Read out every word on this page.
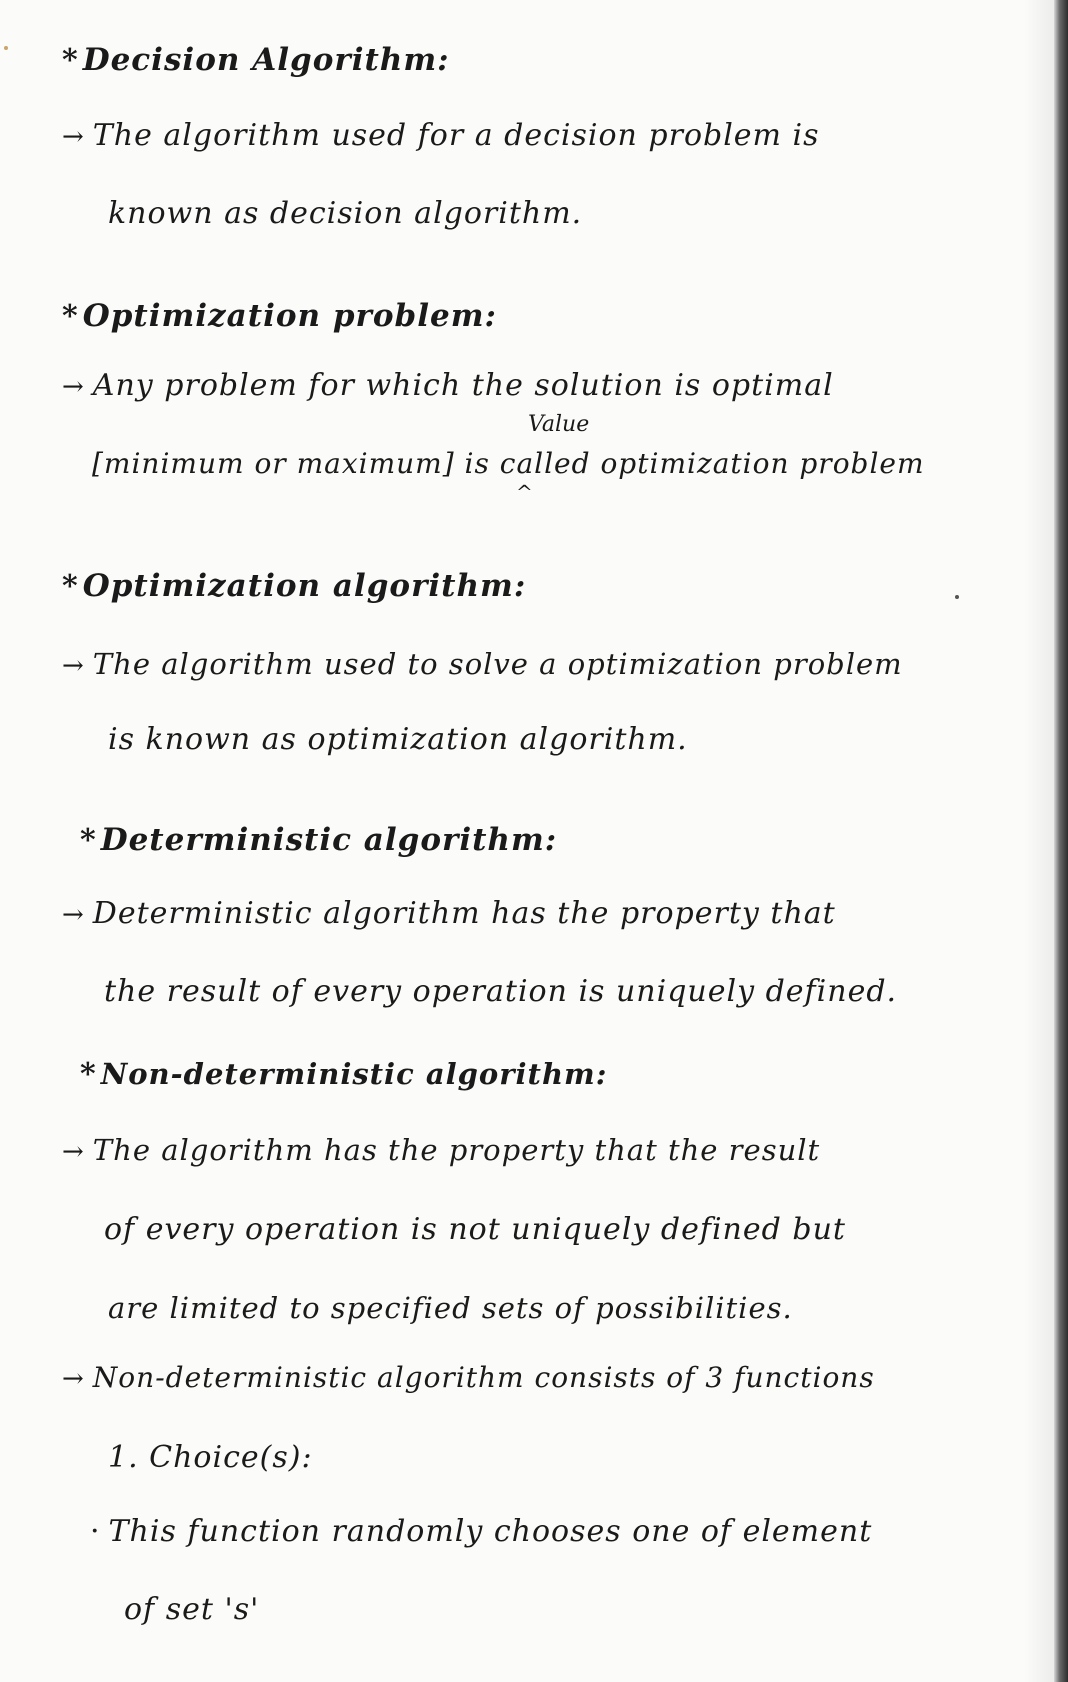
* Decision Algorithm:
→ The algorithm used for a decision problem is
known as decision algorithm.
* Optimization problem:
→ Any problem for which the solution is optimal
Value
[minimum or maximum] is called optimization problem
^
* Optimization algorithm:
→ The algorithm used to solve a optimization problem
is known as optimization algorithm.
* Deterministic algorithm:
→ Deterministic algorithm has the property that
the result of every operation is uniquely defined.
* Non-deterministic algorithm:
→ The algorithm has the property that the result
of every operation is not uniquely defined but
are limited to specified sets of possibilities.
→ Non-deterministic algorithm consists of 3 functions
1. Choice(s):
· This function randomly chooses one of element
of set 's'
